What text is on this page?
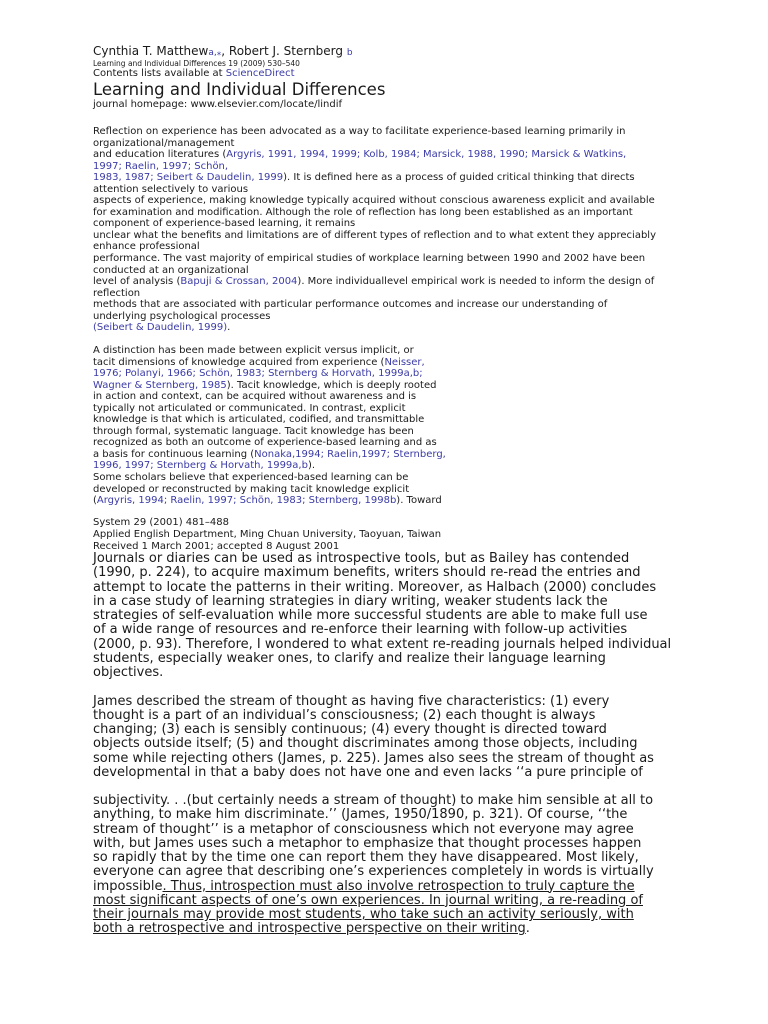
Cynthia T. Matthewa,⁎, Robert J. Sternberg b
Learning and Individual Differences 19 (2009) 530–540
Contents lists available at ScienceDirect
Learning and Individual Differences
journal homepage: www.elsevier.com/locate/lindif
Reflection on experience has been advocated as a way to facilitate experience-based learning primarily in
organizational/management
and education literatures (Argyris, 1991, 1994, 1999; Kolb, 1984; Marsick, 1988, 1990; Marsick & Watkins,
1997; Raelin, 1997; Schön,
1983, 1987; Seibert & Daudelin, 1999). It is defined here as a process of guided critical thinking that directs
attention selectively to various
aspects of experience, making knowledge typically acquired without conscious awareness explicit and available
for examination and modification. Although the role of reflection has long been established as an important
component of experience-based learning, it remains
unclear what the benefits and limitations are of different types of reflection and to what extent they appreciably
enhance professional
performance. The vast majority of empirical studies of workplace learning between 1990 and 2002 have been
conducted at an organizational
level of analysis (Bapuji & Crossan, 2004). More individuallevel empirical work is needed to inform the design of
reflection
methods that are associated with particular performance outcomes and increase our understanding of
underlying psychological processes
(Seibert & Daudelin, 1999).
A distinction has been made between explicit versus implicit, or
tacit dimensions of knowledge acquired from experience (Neisser,
1976; Polanyi, 1966; Schön, 1983; Sternberg & Horvath, 1999a,b;
Wagner & Sternberg, 1985). Tacit knowledge, which is deeply rooted
in action and context, can be acquired without awareness and is
typically not articulated or communicated. In contrast, explicit
knowledge is that which is articulated, codified, and transmittable
through formal, systematic language. Tacit knowledge has been
recognized as both an outcome of experience-based learning and as
a basis for continuous learning (Nonaka,1994; Raelin,1997; Sternberg,
1996, 1997; Sternberg & Horvath, 1999a,b).
Some scholars believe that experienced-based learning can be
developed or reconstructed by making tacit knowledge explicit
(Argyris, 1994; Raelin, 1997; Schön, 1983; Sternberg, 1998b). Toward
System 29 (2001) 481–488
Applied English Department, Ming Chuan University, Taoyuan, Taiwan
Received 1 March 2001; accepted 8 August 2001
Journals or diaries can be used as introspective tools, but as Bailey has contended
(1990, p. 224), to acquire maximum benefits, writers should re-read the entries and
attempt to locate the patterns in their writing. Moreover, as Halbach (2000) concludes
in a case study of learning strategies in diary writing, weaker students lack the
strategies of self-evaluation while more successful students are able to make full use
of a wide range of resources and re-enforce their learning with follow-up activities
(2000, p. 93). Therefore, I wondered to what extent re-reading journals helped individual
students, especially weaker ones, to clarify and realize their language learning
objectives.

James described the stream of thought as having five characteristics: (1) every
thought is a part of an individual’s consciousness; (2) each thought is always
changing; (3) each is sensibly continuous; (4) every thought is directed toward
objects outside itself; (5) and thought discriminates among those objects, including
some while rejecting others (James, p. 225). James also sees the stream of thought as
developmental in that a baby does not have one and even lacks ‘‘a pure principle of
subjectivity. . .(but certainly needs a stream of thought) to make him sensible at all to
anything, to make him discriminate.’’ (James, 1950/1890, p. 321). Of course, ‘‘the
stream of thought’’ is a metaphor of consciousness which not everyone may agree
with, but James uses such a metaphor to emphasize that thought processes happen
so rapidly that by the time one can report them they have disappeared. Most likely,
everyone can agree that describing one’s experiences completely in words is virtually
impossible. Thus, introspection must also involve retrospection to truly capture the
most significant aspects of one’s own experiences. In journal writing, a re-reading of
their journals may provide most students, who take such an activity seriously, with
both a retrospective and introspective perspective on their writing.
